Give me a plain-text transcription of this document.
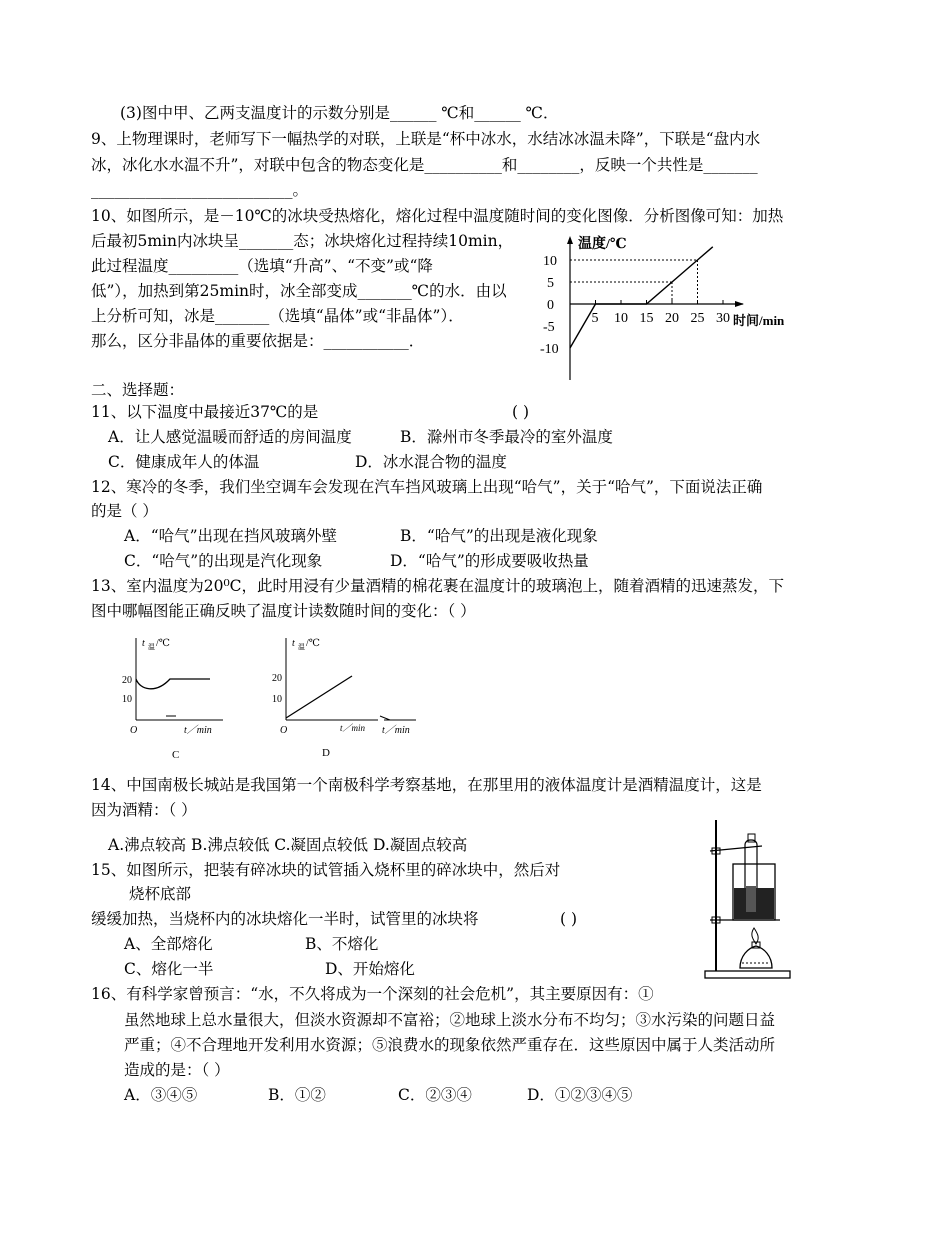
(3)图中甲、乙两支温度计的示数分别是______ ℃和______ ℃．
9、上物理课时，老师写下一幅热学的对联，上联是“杯中冰水，水结冰冰温未降”，下联是“盘内水
冰，冰化水水温不升”，对联中包含的物态变化是__________和________，反映一个共性是_______
__________________________。
10、如图所示，是－10℃的冰块受热熔化，熔化过程中温度随时间的变化图像．分析图像可知：加热
后最初5min内冰块呈_______态；冰块熔化过程持续10min，
此过程温度_________（选填“升高”、“不变”或“降
低”），加热到第25min时，冰全部变成_______℃的水．由以
上分析可知，冰是_______（选填“晶体”或“非晶体”）．
那么，区分非晶体的重要依据是：___________．
温度/℃
时间/min
5 10 15 20 25 30
10
5
0
-5
-10
二、选择题：
11、以下温度中最接近37℃的是	( )
A．让人感觉温暖而舒适的房间温度	B．滁州市冬季最冷的室外温度
C．健康成年人的体温	D．冰水混合物的温度
12、寒冷的冬季，我们坐空调车会发现在汽车挡风玻璃上出现“哈气”，关于“哈气”，下面说法正确
的是（ ）
A．“哈气”出现在挡风玻璃外壁	B．“哈气”的出现是液化现象
C．“哈气”的出现是汽化现象	D．“哈气”的形成要吸收热量
13、室内温度为20⁰C，此时用浸有少量酒精的棉花裹在温度计的玻璃泡上，随着酒精的迅速蒸发，下
图中哪幅图能正确反映了温度计读数随时间的变化：（ ）
t 温 /℃
20
10
O	t／min
C
t 温 /℃
20
10
O	t／min t／min
D
14、中国南极长城站是我国第一个南极科学考察基地，在那里用的液体温度计是酒精温度计，这是
因为酒精：（ ）
A.沸点较高 B.沸点较低 C.凝固点较低 D.凝固点较高
15、如图所示，把装有碎冰块的试管插入烧杯里的碎冰块中，然后对
烧杯底部
缓缓加热，当烧杯内的冰块熔化一半时，试管里的冰块将	( )
A、全部熔化	B、不熔化
C、熔化一半	D、开始熔化
16、有科学家曾预言：“水，不久将成为一个深刻的社会危机”，其主要原因有：①
虽然地球上总水量很大，但淡水资源却不富裕；②地球上淡水分布不均匀；③水污染的问题日益
严重；④不合理地开发利用水资源；⑤浪费水的现象依然严重存在．这些原因中属于人类活动所
造成的是：（ ）
A．③④⑤	B．①②	C．②③④	D．①②③④⑤
